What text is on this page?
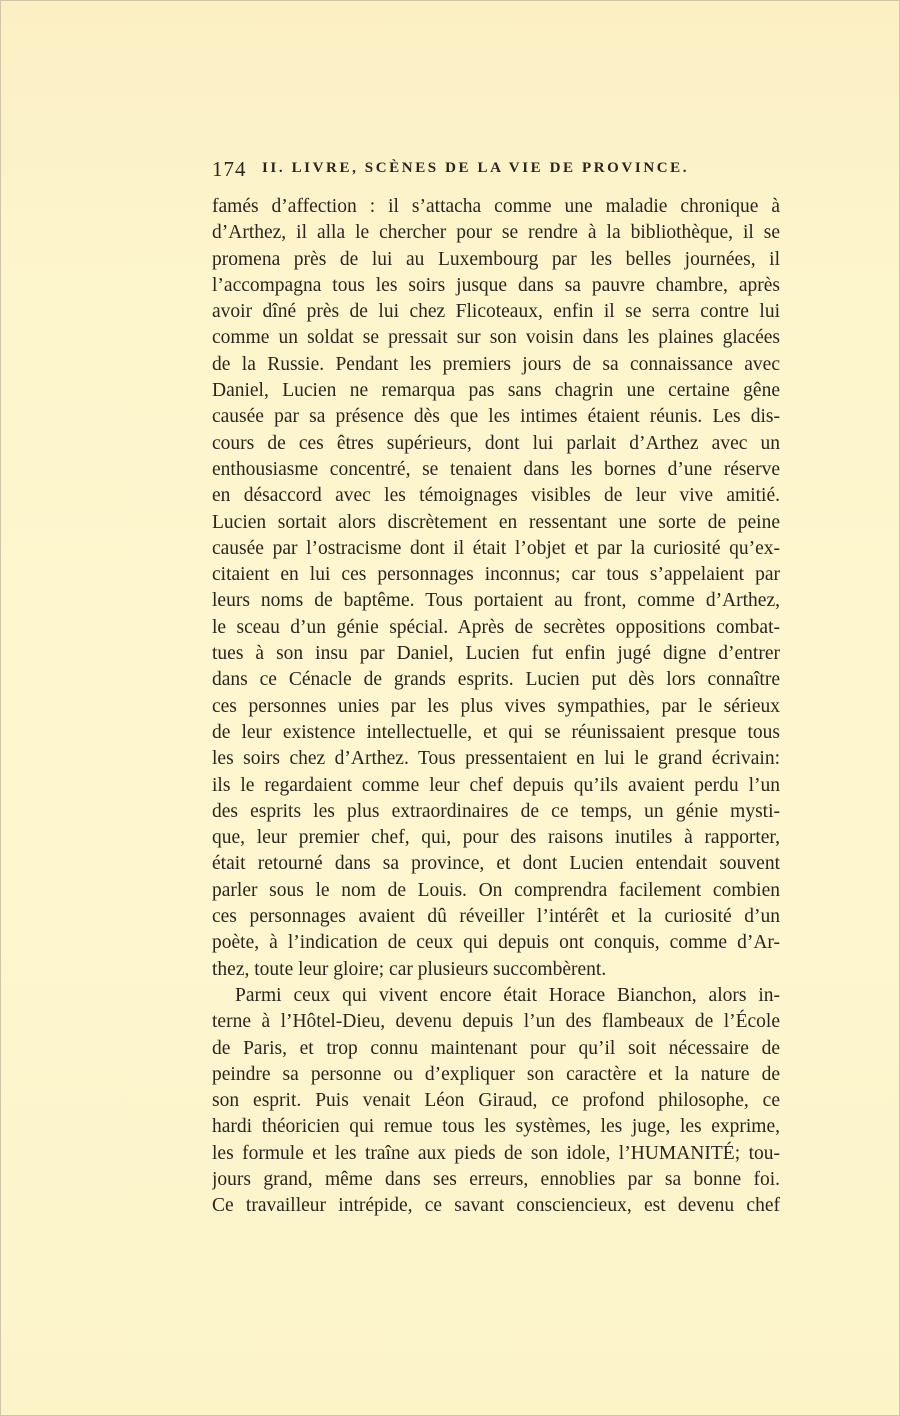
174 II. LIVRE, SCÈNES DE LA VIE DE PROVINCE.
famés d’affection : il s’attacha comme une maladie chronique à
d’Arthez, il alla le chercher pour se rendre à la bibliothèque, il se
promena près de lui au Luxembourg par les belles journées, il
l’accompagna tous les soirs jusque dans sa pauvre chambre, après
avoir dîné près de lui chez Flicoteaux, enfin il se serra contre lui
comme un soldat se pressait sur son voisin dans les plaines glacées
de la Russie. Pendant les premiers jours de sa connaissance avec
Daniel, Lucien ne remarqua pas sans chagrin une certaine gêne
causée par sa présence dès que les intimes étaient réunis. Les dis-
cours de ces êtres supérieurs, dont lui parlait d’Arthez avec un
enthousiasme concentré, se tenaient dans les bornes d’une réserve
en désaccord avec les témoignages visibles de leur vive amitié.
Lucien sortait alors discrètement en ressentant une sorte de peine
causée par l’ostracisme dont il était l’objet et par la curiosité qu’ex-
citaient en lui ces personnages inconnus; car tous s’appelaient par
leurs noms de baptême. Tous portaient au front, comme d’Arthez,
le sceau d’un génie spécial. Après de secrètes oppositions combat-
tues à son insu par Daniel, Lucien fut enfin jugé digne d’entrer
dans ce Cénacle de grands esprits. Lucien put dès lors connaître
ces personnes unies par les plus vives sympathies, par le sérieux
de leur existence intellectuelle, et qui se réunissaient presque tous
les soirs chez d’Arthez. Tous pressentaient en lui le grand écrivain:
ils le regardaient comme leur chef depuis qu’ils avaient perdu l’un
des esprits les plus extraordinaires de ce temps, un génie mysti-
que, leur premier chef, qui, pour des raisons inutiles à rapporter,
était retourné dans sa province, et dont Lucien entendait souvent
parler sous le nom de Louis. On comprendra facilement combien
ces personnages avaient dû réveiller l’intérêt et la curiosité d’un
poète, à l’indication de ceux qui depuis ont conquis, comme d’Ar-
thez, toute leur gloire; car plusieurs succombèrent.
Parmi ceux qui vivent encore était Horace Bianchon, alors in-
terne à l’Hôtel-Dieu, devenu depuis l’un des flambeaux de l’École
de Paris, et trop connu maintenant pour qu’il soit nécessaire de
peindre sa personne ou d’expliquer son caractère et la nature de
son esprit. Puis venait Léon Giraud, ce profond philosophe, ce
hardi théoricien qui remue tous les systèmes, les juge, les exprime,
les formule et les traîne aux pieds de son idole, l’HUMANITÉ; tou-
jours grand, même dans ses erreurs, ennoblies par sa bonne foi.
Ce travailleur intrépide, ce savant consciencieux, est devenu chef
